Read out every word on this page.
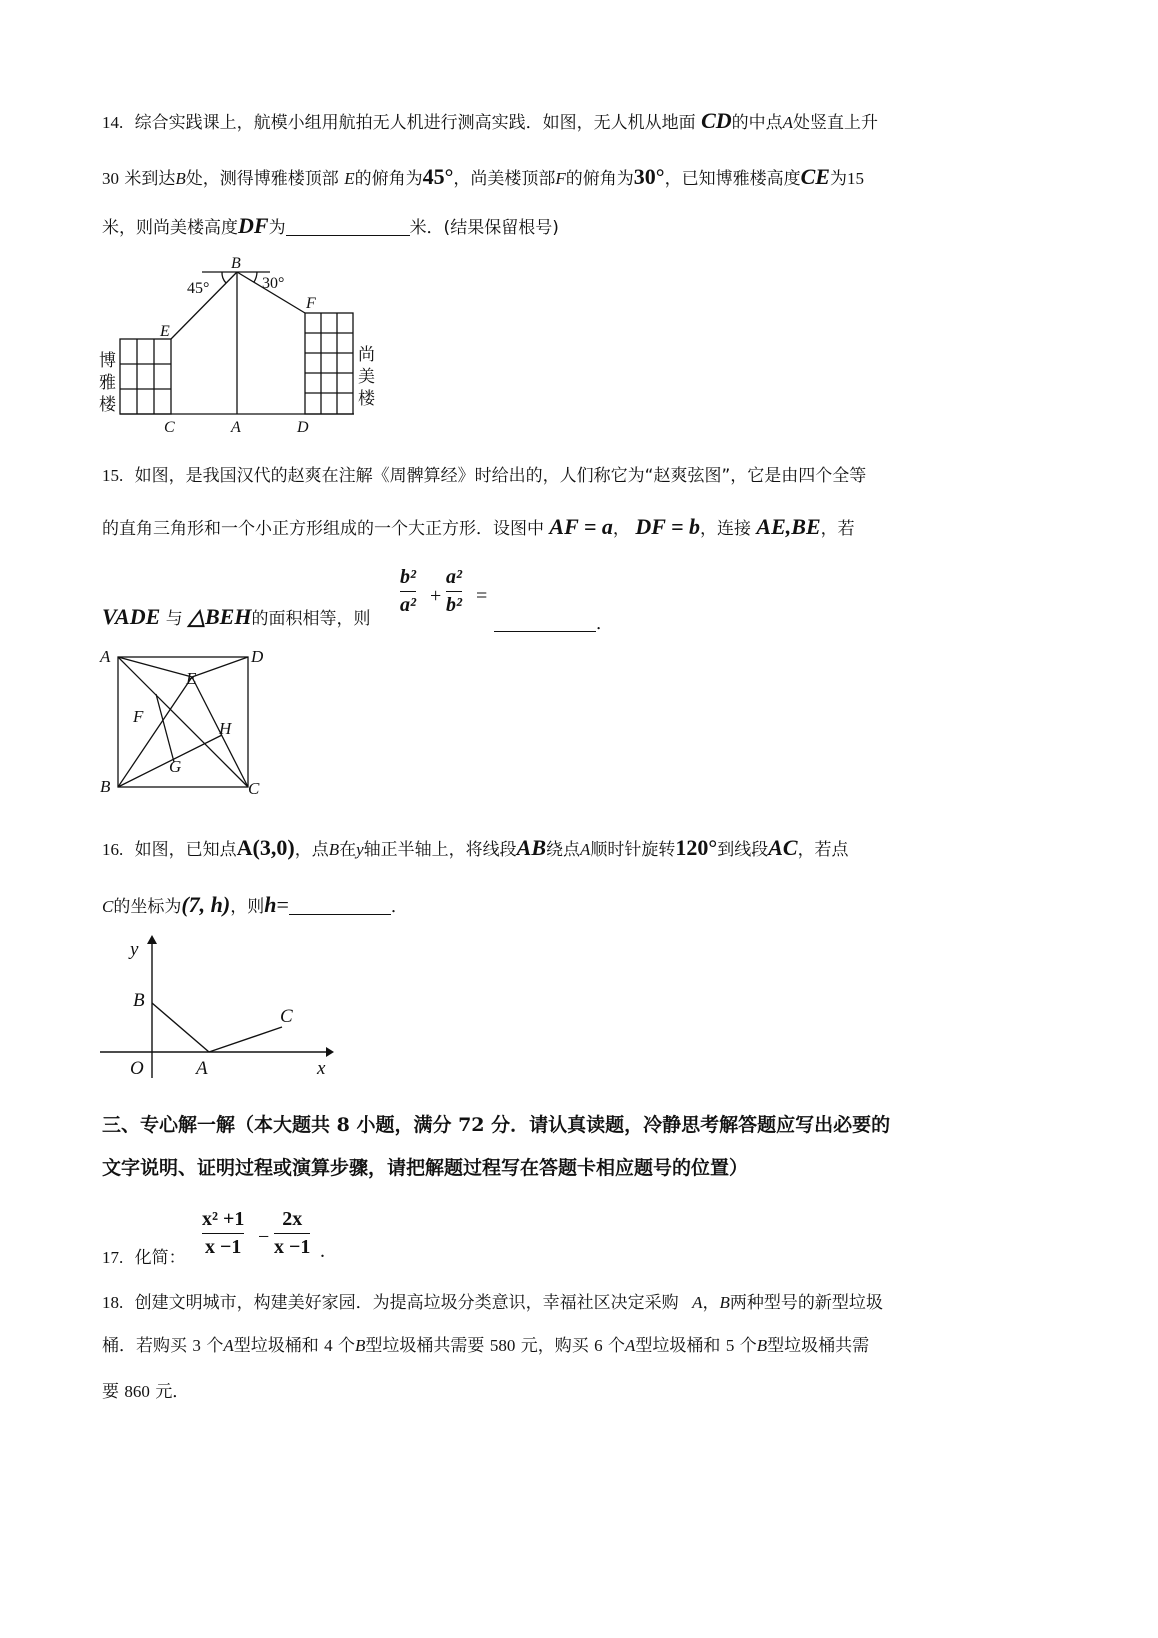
14. 综合实践课上，航模小组用航拍无人机进行测高实践．如图，无人机从地面 CD的中点A处竖直上升
30 米到达B处，测得博雅楼顶部 E的俯角为45°，尚美楼顶部F的俯角为30°，已知博雅楼高度CE为15
米，则尚美楼高度DF为	米．(结果保留根号)
B
45°	30°
F
E
C	A	D
博
雅
楼
尚
美
楼
15. 如图，是我国汉代的赵爽在注解《周髀算经》时给出的，人们称它为“赵爽弦图”，它是由四个全等
的直角三角形和一个小正方形组成的一个大正方形．设图中 AF = a， DF = b，连接 AE,BE，若
VADE 与 △BEH的面积相等，则
b²
a² +
a²
b² =
．
A	D
E
F
H
G
B	C
16. 如图，已知点A(3,0)，点B在y轴正半轴上，将线段AB绕点A顺时针旋转120°到线段AC，若点
C的坐标为(7, h)，则h=	．
y
B
C
O	A	x
三、专心解一解（本大题共 8 小题，满分 72 分．请认真读题，冷静思考解答题应写出必要的
文字说明、证明过程或演算步骤，请把解题过程写在答题卡相应题号的位置）
17. 化简：
x² +1
x −1 −
2x
x −1 .
18. 创建文明城市，构建美好家园．为提高垃圾分类意识，幸福社区决定采购 A，B两种型号的新型垃圾
桶．若购买 3 个A型垃圾桶和 4 个B型垃圾桶共需要 580 元，购买 6 个A型垃圾桶和 5 个B型垃圾桶共需
要 860 元．
